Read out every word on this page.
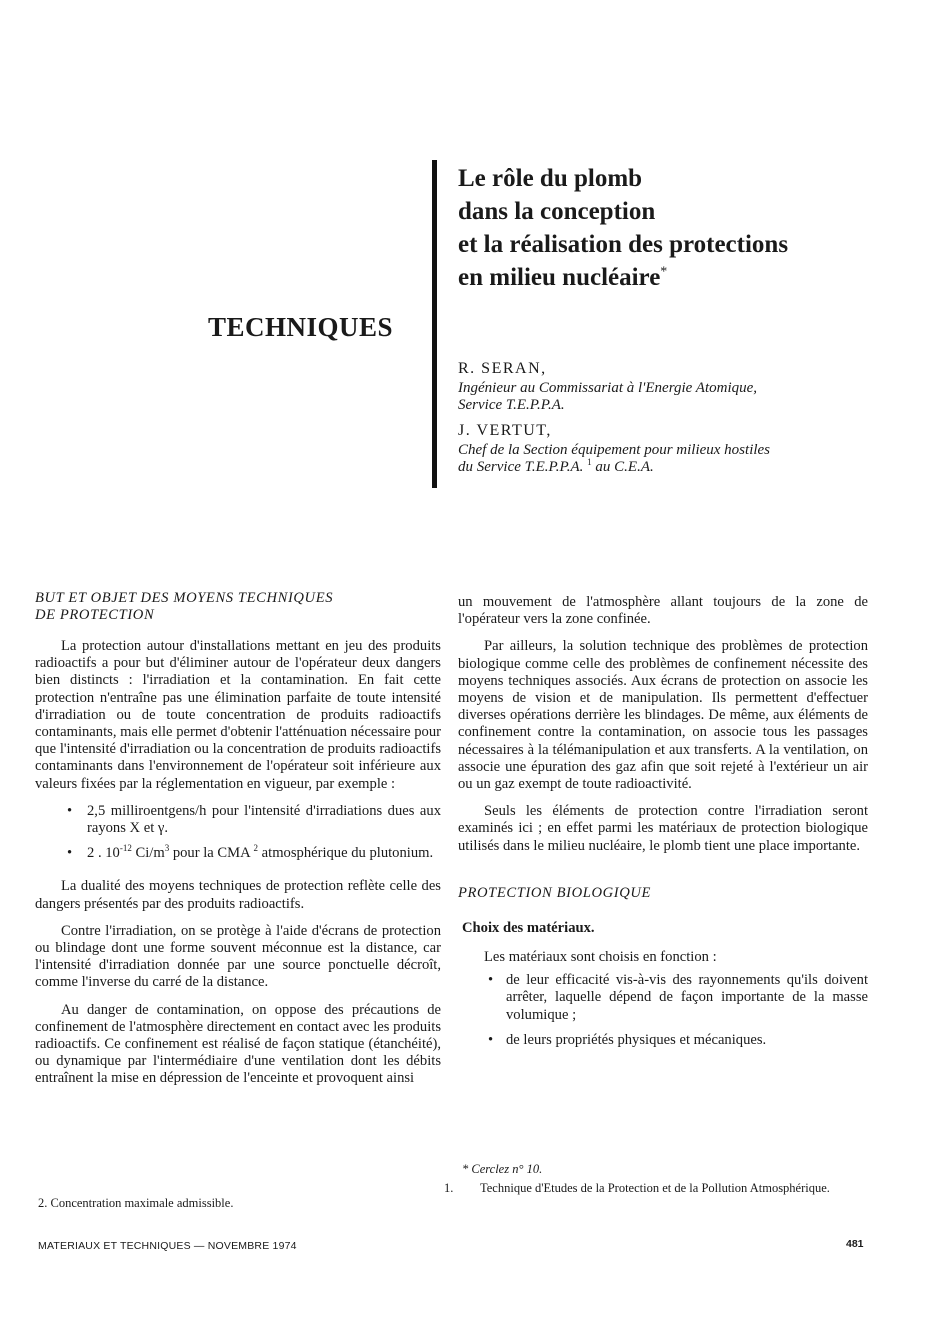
TECHNIQUES
Le rôle du plomb
dans la conception
et la réalisation des protections
en milieu nucléaire*
R. SERAN,
Ingénieur au Commissariat à l'Energie Atomique,
Service T.E.P.P.A.
J. VERTUT,
Chef de la Section équipement pour milieux hostiles
du Service T.E.P.P.A. $^1$ au C.E.A.
BUT ET OBJET DES MOYENS TECHNIQUES
DE PROTECTION

La protection autour d'installations mettant en jeu des produits radioactifs a pour but d'éliminer autour de l'opérateur deux dangers bien distincts : l'irradiation et la contamination. En fait cette protection n'entraîne pas une élimination parfaite de toute intensité d'irradiation ou de toute concentration de produits radioactifs contaminants, mais elle permet d'obtenir l'atténuation nécessaire pour que l'intensité d'irradiation ou la concentration de produits radioactifs contaminants dans l'environnement de l'opérateur soit inférieure aux valeurs fixées par la réglementation en vigueur, par exemple :

• 2,5 milliroentgens/h pour l'intensité d'irradiations dues aux rayons X et γ.
• 2 . $10^{-12}$ $Ci/m^3$ pour la CMA $^2$ atmosphérique du plutonium.

La dualité des moyens techniques de protection reflète celle des dangers présentés par des produits radioactifs.

Contre l'irradiation, on se protège à l'aide d'écrans de protection ou blindage dont une forme souvent méconnue est la distance, car l'intensité d'irradiation donnée par une source ponctuelle décroît, comme l'inverse du carré de la distance.

Au danger de contamination, on oppose des précautions de confinement de l'atmosphère directement en contact avec les produits radioactifs. Ce confinement est réalisé de façon statique (étanchéité), ou dynamique par l'intermédiaire d'une ventilation dont les débits entraînent la mise en dépression de l'enceinte et provoquent ainsi

un mouvement de l'atmosphère allant toujours de la zone de l'opérateur vers la zone confinée.

Par ailleurs, la solution technique des problèmes de protection biologique comme celle des problèmes de confinement nécessite des moyens techniques associés. Aux écrans de protection on associe les moyens de vision et de manipulation. Ils permettent d'effectuer diverses opérations derrière les blindages. De même, aux éléments de confinement contre la contamination, on associe tous les passages nécessaires à la télémanipulation et aux transferts. A la ventilation, on associe une épuration des gaz afin que soit rejeté à l'extérieur un air ou un gaz exempt de toute radioactivité.

Seuls les éléments de protection contre l'irradiation seront examinés ici ; en effet parmi les matériaux de protection biologique utilisés dans le milieu nucléaire, le plomb tient une place importante.

PROTECTION BIOLOGIQUE
Choix des matériaux.

Les matériaux sont choisis en fonction :

• de leur efficacité vis-à-vis des rayonnements qu'ils doivent arrêter, laquelle dépend de façon importante de la masse volumique ;
• de leurs propriétés physiques et mécaniques.
* Cerclez n° 10.
1. Technique d'Etudes de la Protection et de la Pollution Atmosphérique.
2. Concentration maximale admissible.
MATERIAUX ET TECHNIQUES — NOVEMBRE 1974	481
